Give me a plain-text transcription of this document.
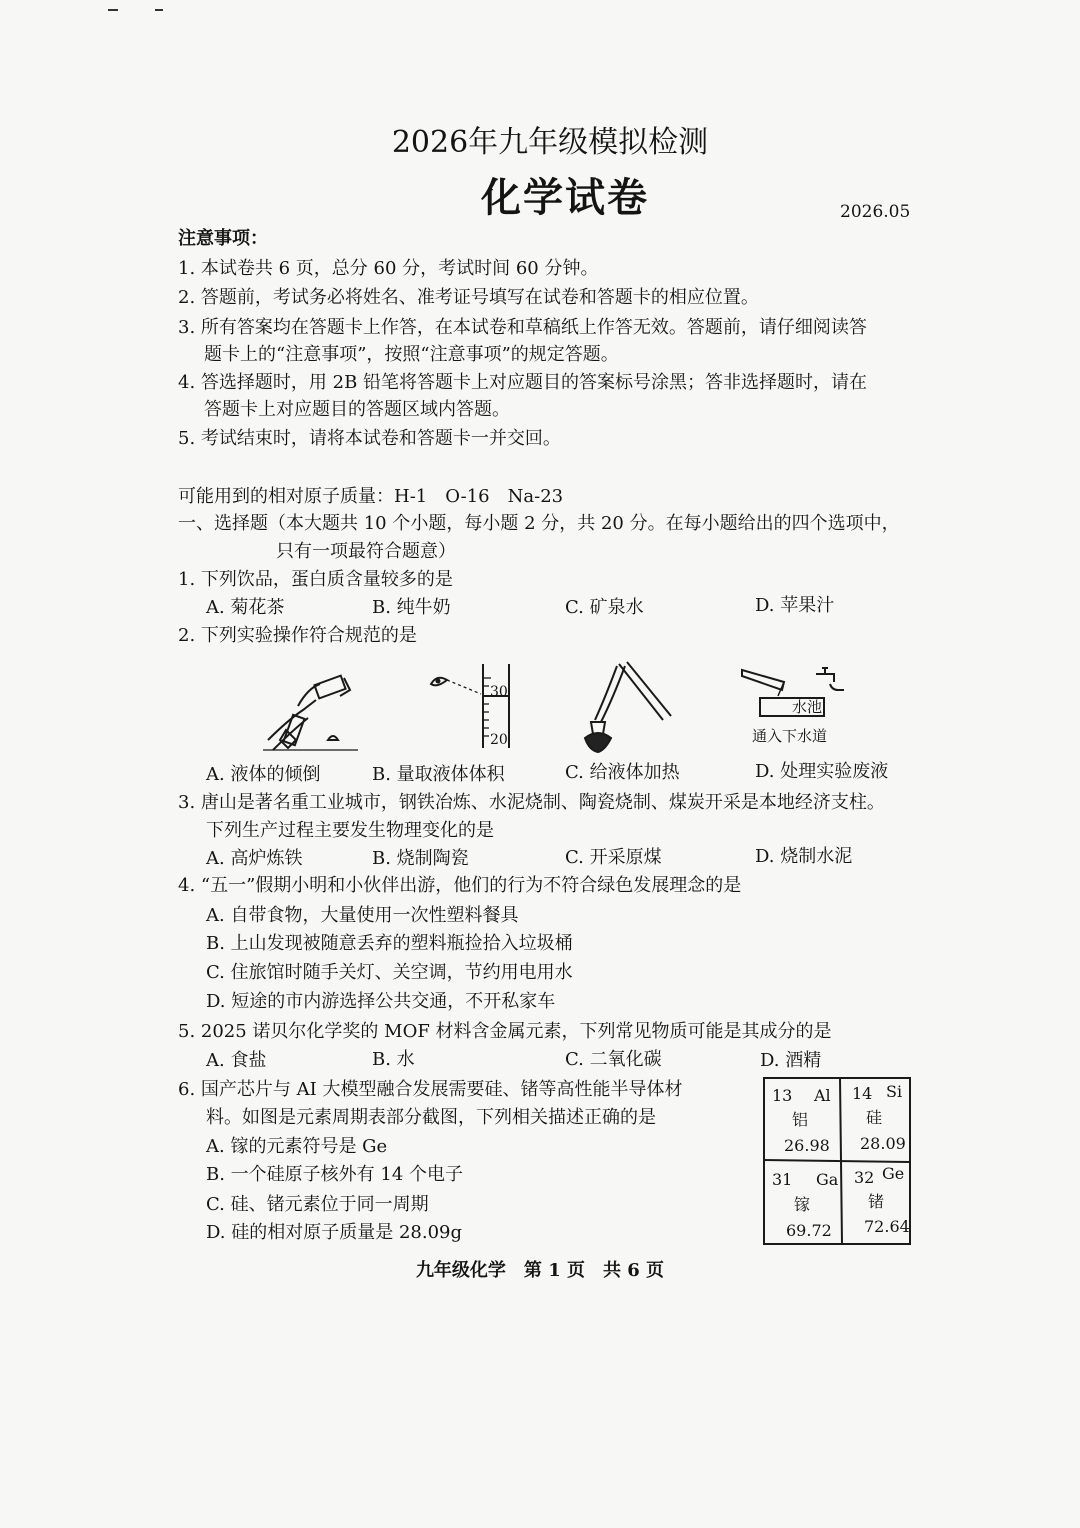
2026年九年级模拟检测
化学试卷	2026.05
注意事项：
1. 本试卷共 6 页，总分 60 分，考试时间 60 分钟。
2. 答题前，考试务必将姓名、准考证号填写在试卷和答题卡的相应位置。
3. 所有答案均在答题卡上作答，在本试卷和草稿纸上作答无效。答题前，请仔细阅读答
题卡上的“注意事项”，按照“注意事项”的规定答题。
4. 答选择题时，用 2B 铅笔将答题卡上对应题目的答案标号涂黑；答非选择题时，请在
答题卡上对应题目的答题区域内答题。
5. 考试结束时，请将本试卷和答题卡一并交回。
可能用到的相对原子质量：H-1　O-16　Na-23
一、选择题（本大题共 10 个小题，每小题 2 分，共 20 分。在每小题给出的四个选项中，
只有一项最符合题意）
1. 下列饮品，蛋白质含量较多的是
A. 菊花茶	B. 纯牛奶	C. 矿泉水	D. 苹果汁
2. 下列实验操作符合规范的是
30
20
水池
通入下水道
A. 液体的倾倒	B. 量取液体体积	C. 给液体加热	D. 处理实验废液
3. 唐山是著名重工业城市，钢铁冶炼、水泥烧制、陶瓷烧制、煤炭开采是本地经济支柱。
下列生产过程主要发生物理变化的是
A. 高炉炼铁	B. 烧制陶瓷	C. 开采原煤	D. 烧制水泥
4. “五一”假期小明和小伙伴出游，他们的行为不符合绿色发展理念的是
A. 自带食物，大量使用一次性塑料餐具
B. 上山发现被随意丢弃的塑料瓶捡拾入垃圾桶
C. 住旅馆时随手关灯、关空调，节约用电用水
D. 短途的市内游选择公共交通，不开私家车
5. 2025 诺贝尔化学奖的 MOF 材料含金属元素，下列常见物质可能是其成分的是
A. 食盐	B. 水	C. 二氧化碳	D. 酒精
6. 国产芯片与 AI 大模型融合发展需要硅、锗等高性能半导体材
料。如图是元素周期表部分截图，下列相关描述正确的是
A. 镓的元素符号是 Ge
B. 一个硅原子核外有 14 个电子
C. 硅、锗元素位于同一周期
D. 硅的相对原子质量是 28.09g
13 Al
铝
26.98
14 Si
硅
28.09
31 Ga
镓
69.72
32 Ge
锗
72.64
九年级化学　第 1 页　共 6 页
